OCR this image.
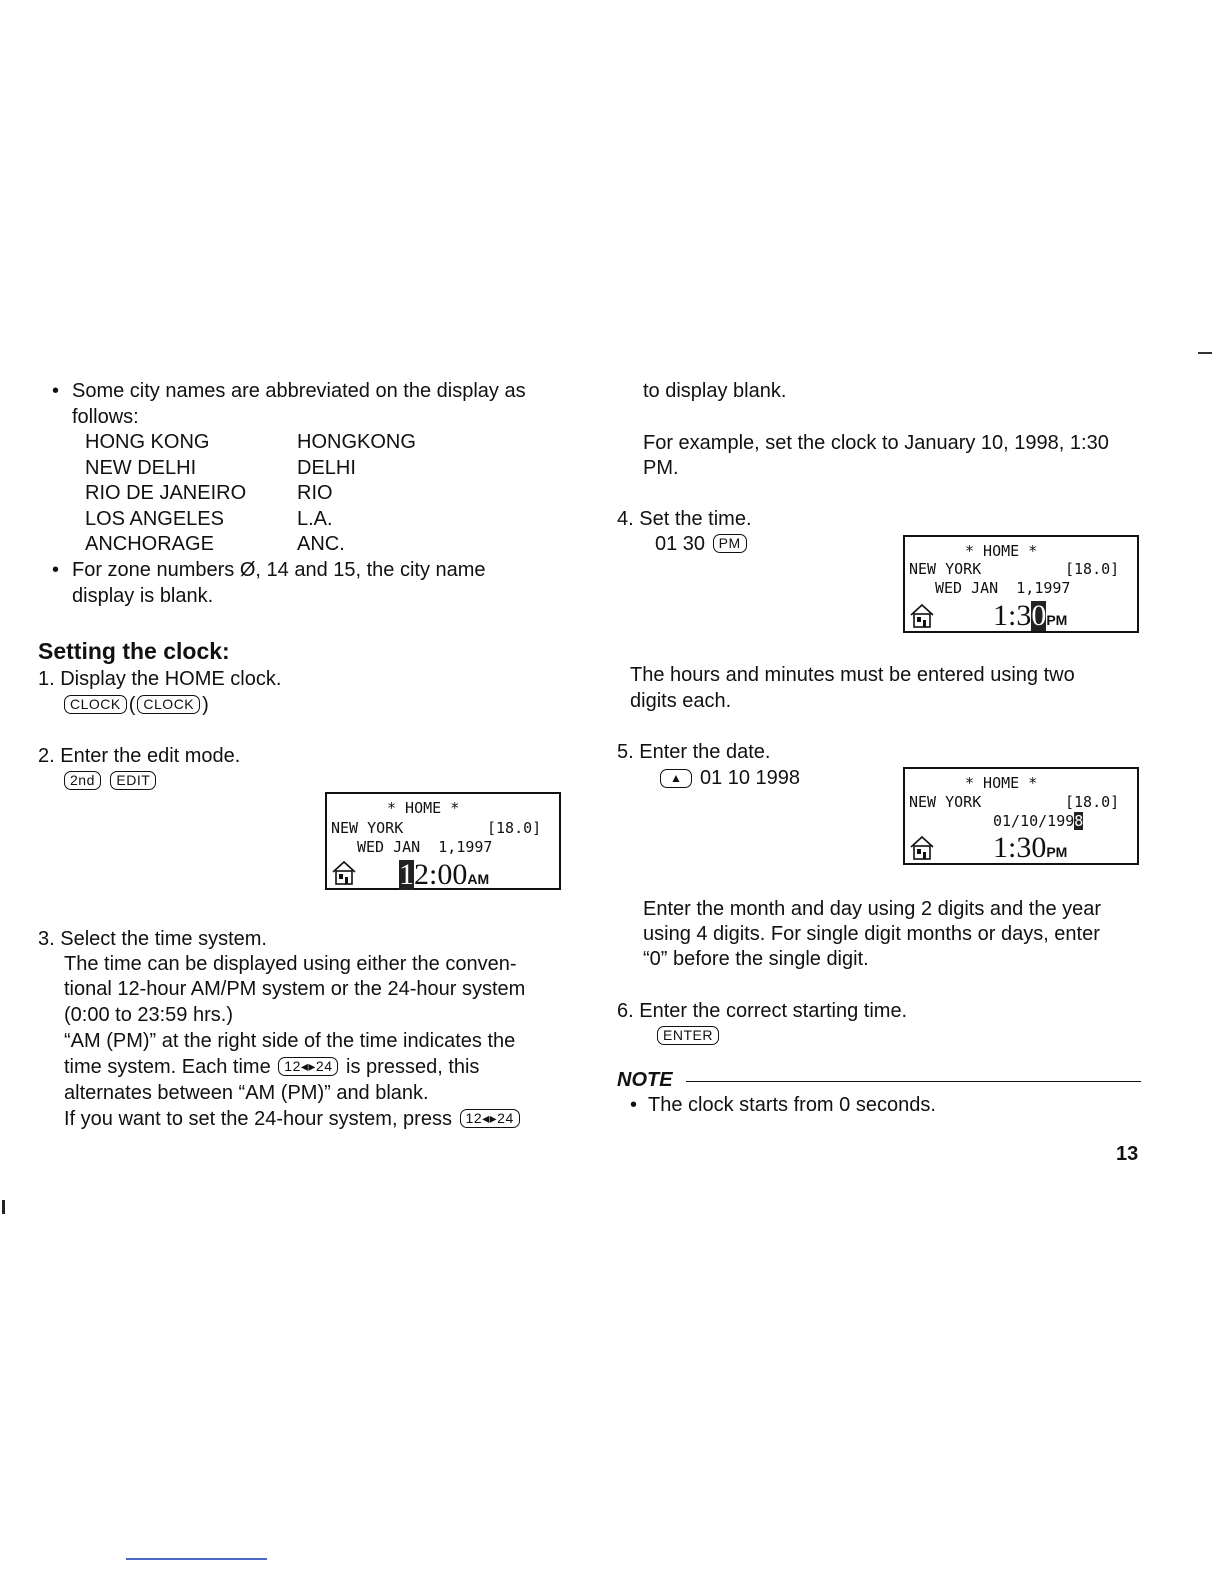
• Some city names are abbreviated on the display as
follows:
HONG KONG	HONGKONG
NEW DELHI	DELHI
RIO DE JANEIRO	RIO
LOS ANGELES	L.A.
ANCHORAGE	ANC.
• For zone numbers Ø, 14 and 15, the city name
display is blank.
Setting the clock:
1. Display the HOME clock.
CLOCK ( CLOCK )
2. Enter the edit mode.
2nd EDIT
* HOME *
NEW YORK	[18.0]
WED JAN  1,1997
12:00AM
3. Select the time system.
The time can be displayed using either the conven-
tional 12-hour AM/PM system or the 24-hour system
(0:00 to 23:59 hrs.)
“AM (PM)” at the right side of the time indicates the
time system. Each time 12◂▸24 is pressed, this
alternates between “AM (PM)” and blank.
If you want to set the 24-hour system, press 12◂▸24
to display blank.
For example, set the clock to January 10, 1998, 1:30
PM.
4. Set the time.
01 30 PM	* HOME *
NEW YORK	[18.0]
WED JAN  1,1997
1:30PM
The hours and minutes must be entered using two
digits each.
5. Enter the date.
▲ 01 10 1998	* HOME *
NEW YORK	[18.0]
01/10/1998
1:30PM
Enter the month and day using 2 digits and the year
using 4 digits. For single digit months or days, enter
“0” before the single digit.
6. Enter the correct starting time.
ENTER
NOTE
• The clock starts from 0 seconds.
13
